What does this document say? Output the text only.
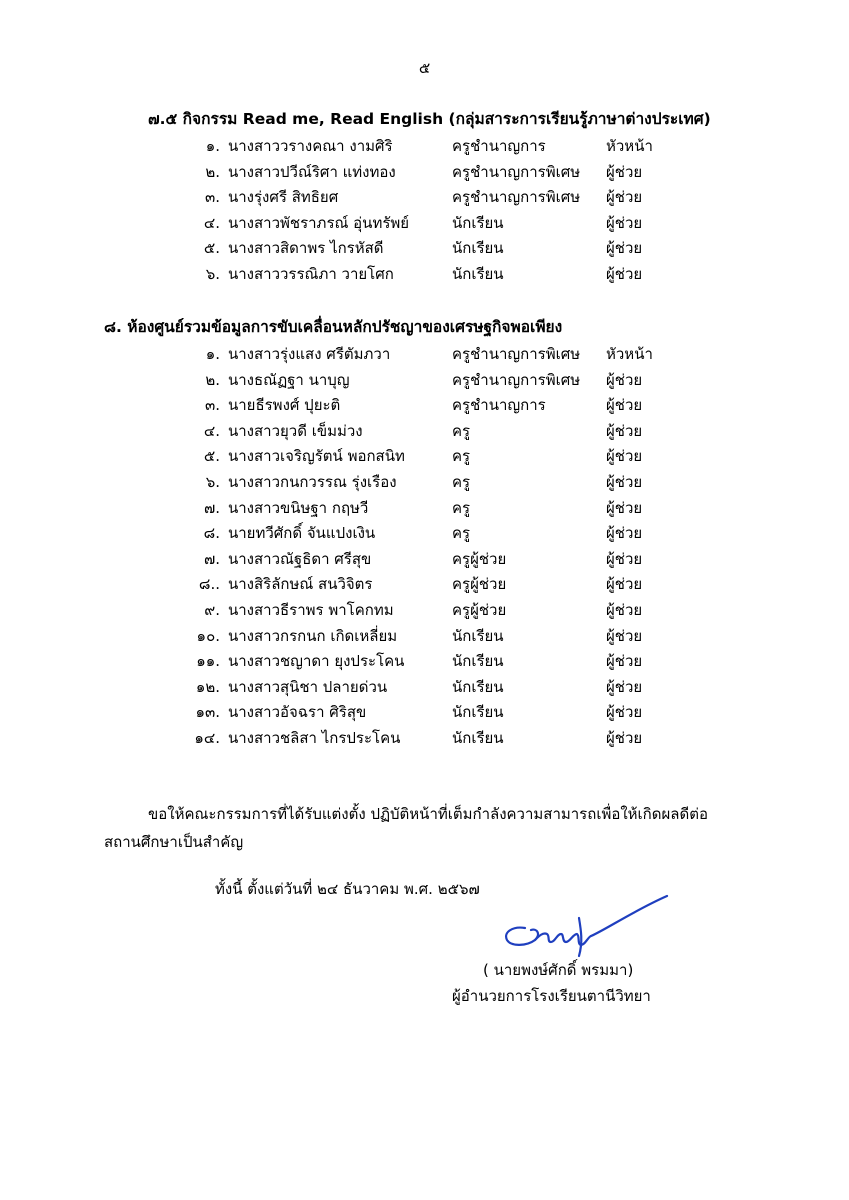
๕
๗.๕ กิจกรรม Read me, Read English (กลุ่มสาระการเรียนรู้ภาษาต่างประเทศ)
๑. นางสาววรางคณา งามศิริ	ครูชำนาญการ	หัวหน้า
๒. นางสาวปวีณ์ริศา แท่งทอง	ครูชำนาญการพิเศษ ผู้ช่วย
๓. นางรุ่งศรี สิทธิยศ	ครูชำนาญการพิเศษ ผู้ช่วย
๔. นางสาวพัชราภรณ์ อุ่นทรัพย์	นักเรียน	ผู้ช่วย
๕. นางสาวสิดาพร ไกรหัสดี	นักเรียน	ผู้ช่วย
๖. นางสาววรรณิภา วายโศก	นักเรียน	ผู้ช่วย
๘. ห้องศูนย์รวมข้อมูลการขับเคลื่อนหลักปรัชญาของเศรษฐกิจพอเพียง
๑. นางสาวรุ่งแสง ศรีตัมภวา	ครูชำนาญการพิเศษ หัวหน้า
๒. นางธณัฏฐา นาบุญ	ครูชำนาญการพิเศษ ผู้ช่วย
๓. นายธีรพงศ์ ปุยะติ	ครูชำนาญการ	ผู้ช่วย
๔. นางสาวยุวดี เข็มม่วง	ครู	ผู้ช่วย
๕. นางสาวเจริญรัตน์ พอกสนิท	ครู	ผู้ช่วย
๖. นางสาวกนกวรรณ รุ่งเรือง	ครู	ผู้ช่วย
๗. นางสาวขนิษฐา กฤษวี	ครู	ผู้ช่วย
๘. นายทวีศักดิ์ จันแปงเงิน	ครู	ผู้ช่วย
๗. นางสาวณัฐธิดา ศรีสุข	ครูผู้ช่วย	ผู้ช่วย
๘.. นางสิริลักษณ์ สนวิจิตร	ครูผู้ช่วย	ผู้ช่วย
๙. นางสาวธีราพร พาโคกทม	ครูผู้ช่วย	ผู้ช่วย
๑๐. นางสาวกรกนก เกิดเหลี่ยม	นักเรียน	ผู้ช่วย
๑๑. นางสาวชญาดา ยุงประโคน	นักเรียน	ผู้ช่วย
๑๒. นางสาวสุนิชา ปลายด่วน	นักเรียน	ผู้ช่วย
๑๓. นางสาวอัจฉรา ศิริสุข	นักเรียน	ผู้ช่วย
๑๔. นางสาวชลิสา ไกรประโคน	นักเรียน	ผู้ช่วย
ขอให้คณะกรรมการที่ได้รับแต่งตั้ง ปฏิบัติหน้าที่เต็มกำลังความสามารถเพื่อให้เกิดผลดีต่อ
สถานศึกษาเป็นสำคัญ
ทั้งนี้ ตั้งแต่วันที่ ๒๔ ธันวาคม พ.ศ. ๒๕๖๗
( นายพงษ์ศักดิ์ พรมมา)
ผู้อำนวยการโรงเรียนตานีวิทยา
